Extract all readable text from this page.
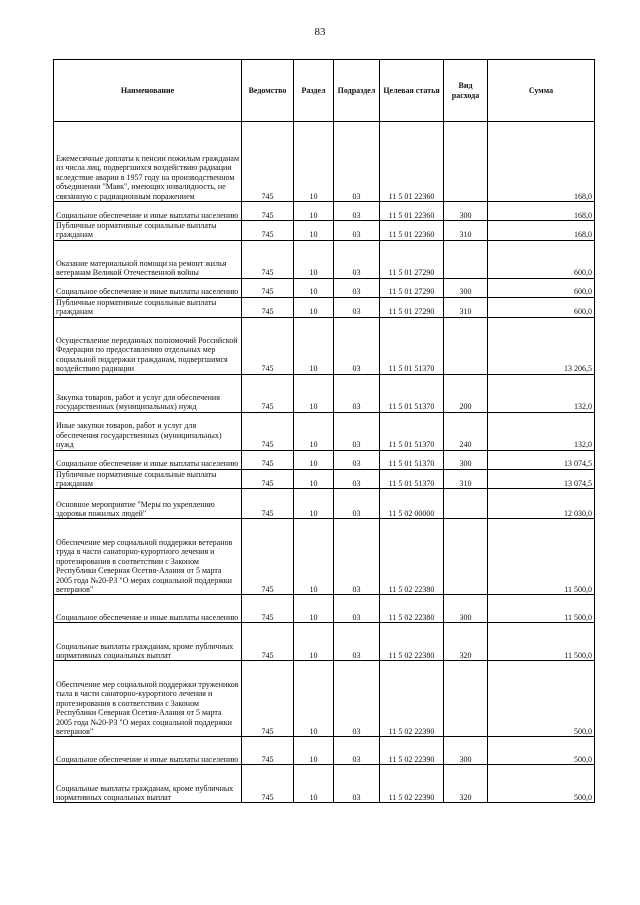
83
Наименование	Ведомство	Раздел	Подраздел	Целевая статья	Вид расхода	Сумма
Ежемесячные доплаты к пенсии пожилым гражданам из числа лиц, подвергшихся воздействию радиации вследствие аварии в 1957 году на производственном объединении "Маяк", имеющих инвалидность, не связанную с радиационным поражением	745	10	03	11 5 01 22360		168,0
Социальное обеспечение и иные выплаты населению	745	10	03	11 5 01 22360	300	168,0
Публичные нормативные социальные выплаты гражданам	745	10	03	11 5 01 22360	310	168,0
Оказание материальной помощи на ремонт жилья ветеранам Великой Отечественной войны	745	10	03	11 5 01 27290		600,0
Социальное обеспечение и иные выплаты населению	745	10	03	11 5 01 27290	300	600,0
Публичные нормативные социальные выплаты гражданам	745	10	03	11 5 01 27290	310	600,0
Осуществление переданных полномочий Российской Федерации по предоставлению отдельных мер социальной поддержки гражданам, подвергшимся воздействию радиации	745	10	03	11 5 01 51370		13 206,5
Закупка товаров, работ и услуг для обеспечения государственных (муниципальных) нужд	745	10	03	11 5 01 51370	200	132,0
Иные закупки товаров, работ и услуг для обеспечения государственных (муниципальных) нужд	745	10	03	11 5 01 51370	240	132,0
Социальное обеспечение и иные выплаты населению	745	10	03	11 5 01 51370	300	13 074,5
Публичные нормативные социальные выплаты гражданам	745	10	03	11 5 01 51370	310	13 074,5
Основное мероприятие "Меры по укреплению здоровья пожилых людей"	745	10	03	11 5 02 00000		12 030,0
Обеспечение мер социальной поддержки ветеранов труда в части санаторно-курортного лечения и протезирования в соответствии с Законом Республики Северная Осетия-Алания от 5 марта 2005 года №20-РЗ "О мерах социальной поддержки ветеранов"	745	10	03	11 5 02 22380		11 500,0
Социальное обеспечение и иные выплаты населению	745	10	03	11 5 02 22380	300	11 500,0
Социальные выплаты гражданам, кроме публичных нормативных социальных выплат	745	10	03	11 5 02 22380	320	11 500,0
Обеспечение мер социальной поддержки тружеников тыла в части санаторно-курортного лечения и протезирования в соответствии с Законом Республики Северная Осетия-Алания от 5 марта 2005 года №20-РЗ "О мерах социальной поддержки ветеранов"	745	10	03	11 5 02 22390		500,0
Социальное обеспечение и иные выплаты населению	745	10	03	11 5 02 22390	300	500,0
Социальные выплаты гражданам, кроме публичных нормативных социальных выплат	745	10	03	11 5 02 22390	320	500,0
